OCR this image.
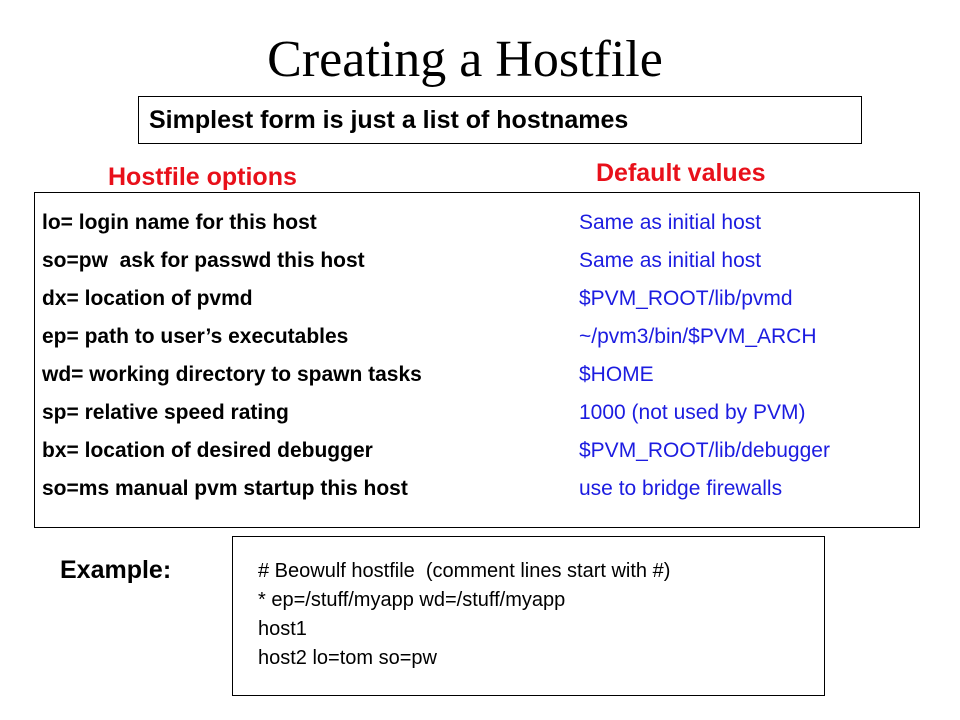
Creating a Hostfile
Simplest form is just a list of hostnames
Hostfile options	Default values
lo= login name for this host	Same as initial host
so=pw  ask for passwd this host	Same as initial host
dx= location of pvmd	$PVM_ROOT/lib/pvmd
ep= path to user’s executables	~/pvm3/bin/$PVM_ARCH
wd= working directory to spawn tasks	$HOME
sp= relative speed rating	1000 (not used by PVM)
bx= location of desired debugger	$PVM_ROOT/lib/debugger
so=ms manual pvm startup this host	use to bridge firewalls
Example:	# Beowulf hostfile  (comment lines start with #)
* ep=/stuff/myapp wd=/stuff/myapp
host1
host2 lo=tom so=pw
